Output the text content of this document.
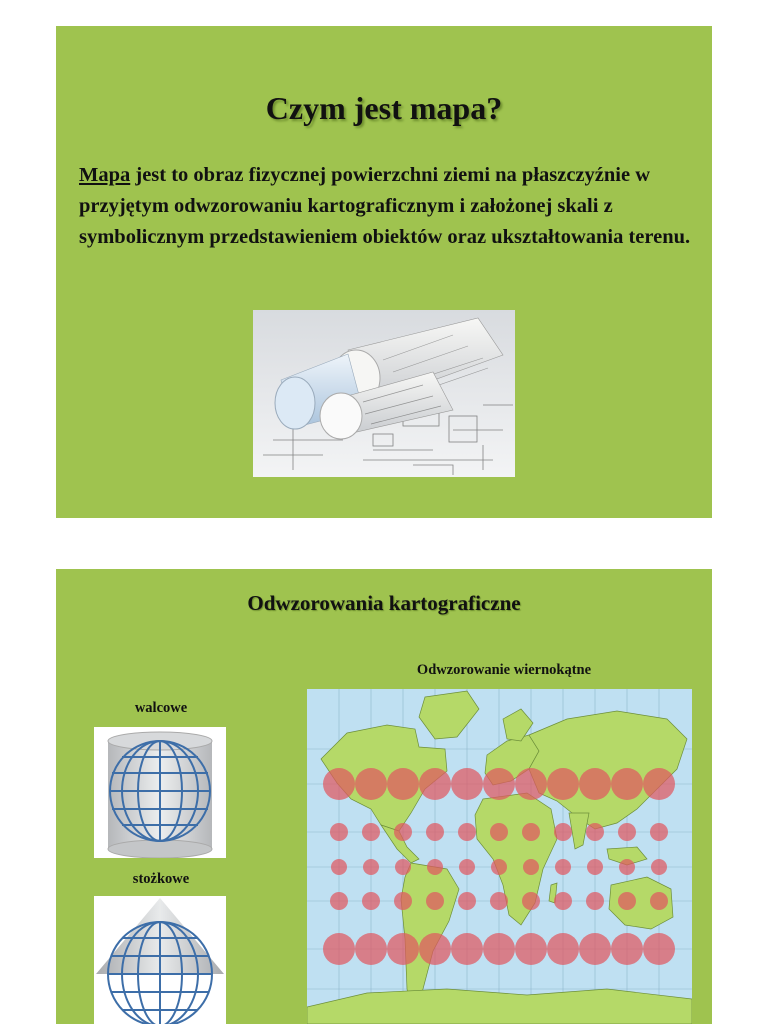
Czym jest mapa?

Mapa jest to obraz fizycznej powierzchni ziemi na płaszczyźnie w przyjętym odwzorowaniu kartograficznym i założonej skali z symbolicznym przedstawieniem obiektów oraz ukształtowania terenu.

Odwzorowania kartograficzne

walcowe

stożkowe

Odwzorowanie wiernokątne
